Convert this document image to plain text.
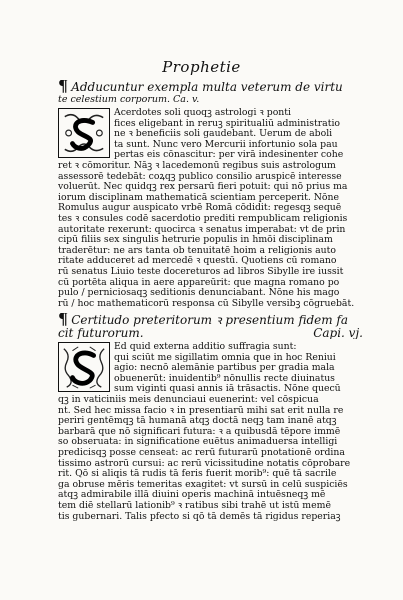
Prophetie
¶ Adducuntur exempla multa veterum de virtu
te celestium corporum. Ca. v.
Acerdotes soli quoqꝫ astrologi ꝛ ponti
fices eligebant in reruꝫ spiritualiū administratio
ne ꝛ beneficiis soli gaudebant. Uerum de aboli
ta sunt. Nunc vero Mercurii infortunio sola pau
pertas eis cōnascitur: per virā indesinenter cohe
ret ꝛ cōmoritur. Nāꝫ ꝛ lacedemonū regibus suis astrologum
assessorē tedebāt: coꝝqꝫ publico consilio aruspicē interesse
voluerūt. Nec quidqꝫ rex persarū fieri potuit: qui nō prius ma
iorum disciplinam mathematicā scientiam perceperit. Nōne
Romulus augur auspicato vrbē Romā cōdidit: regesqꝫ sequē
tes ꝛ consules codē sacerdotio prediti rempublicam religionis
autoritate rexerunt: quocirca ꝛ senatus imperabat: vt de prin
cipū filiis sex singulis hetrurie populis in hmōi disciplinam
traderētur: ne ars tanta ob tenuitatē hoim a religionis auto
ritate adduceret ad mercedē ꝛ questū. Quotiens cū romano
rū senatus Liuio teste docereturos ad libros Sibylle ire iussit
cū portēta aliqua in aere appareūrit: que magna romano po
pulo / perniciosaqꝫ seditionis denunciabant. Nōne his mago
rū / hoc mathematicorū responsa cū Sibylle versibꝫ cōgruebāt.
¶ Certitudo preteritorum ꝛ presentium fidem fa
cit futurorum.	Capi. vj.
Ed quid externa additio suffragia sunt:
qui sciūt me sigillatim omnia que in hoc Reniui
agio: necnō alemānie partibus per gradia mala
obuenerūt: inuidentib⁹ nōnullis recte diuinatus
sum viginti quasi annis iā trāsactis. Nōne quecū
qꝫ in vaticiniis meis denunciaui euenerint: vel cōspicua
nt. Sed hec missa facio ꝛ in presentiarū mihi sat erit nulla re
periri gentēmqꝫ tā humanā atqꝫ doctā neqꝫ tam inanē atqꝫ
barbarā que nō significari futura: ꝛ a quibusdā tēpore immē
so obseruata: in significatione euētus animaduersa intelligi
predicisqꝫ posse censeat: ac rerū futurarū pnotationē ordina
tissimo astrorū cursui: ac rerū vicissitudine notatis cōprobare
rit. Qō si aliqis tā rudis tā feris fuerit morib⁹: quē tā sacrile
ga obruse mēris temeritas exagitet: vt sursū in celū suspiciēs
atqꝫ admirabile illā diuini operis machinā intuēsneqꝫ mē
tem diē stellarū lationib⁹ ꝛ ratibus sibi trahē ut istū memē
tis gubernari. Talis pfecto si qō tā demēs tā rigidus reperiaꝫ
